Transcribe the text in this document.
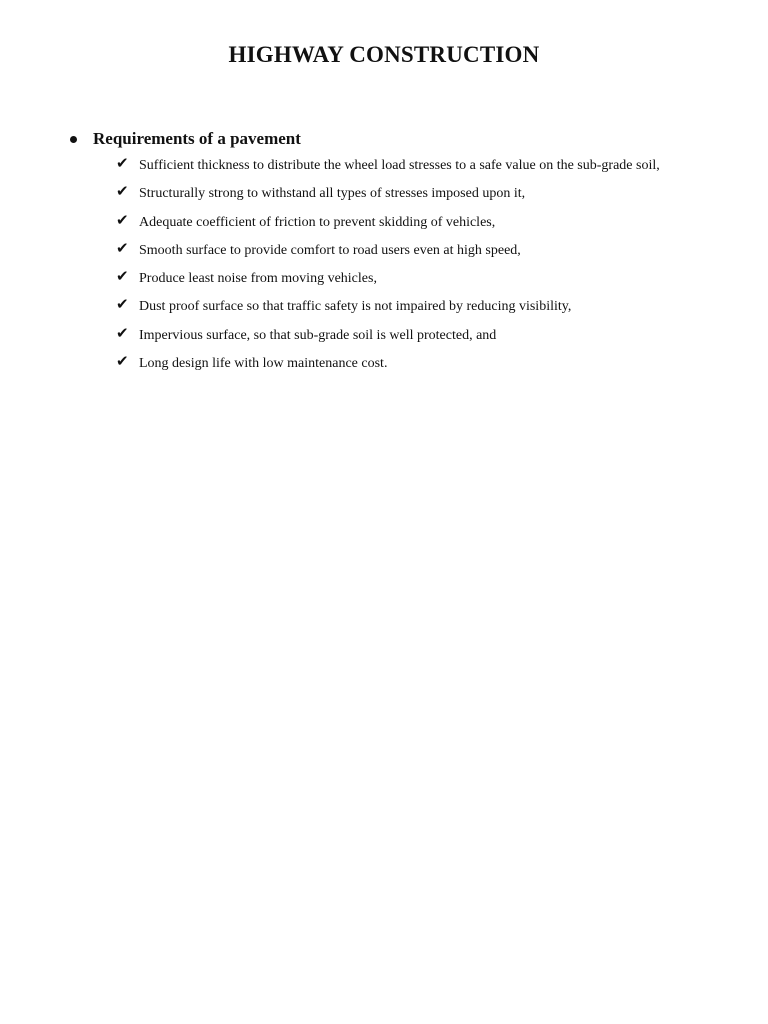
HIGHWAY CONSTRUCTION
Requirements of a pavement
✔ Sufficient thickness to distribute the wheel load stresses to a safe value on the sub-grade soil,
✔ Structurally strong to withstand all types of stresses imposed upon it,
✔ Adequate coefficient of friction to prevent skidding of vehicles,
✔ Smooth surface to provide comfort to road users even at high speed,
✔ Produce least noise from moving vehicles,
✔ Dust proof surface so that traffic safety is not impaired by reducing visibility,
✔ Impervious surface, so that sub-grade soil is well protected, and
✔ Long design life with low maintenance cost.
